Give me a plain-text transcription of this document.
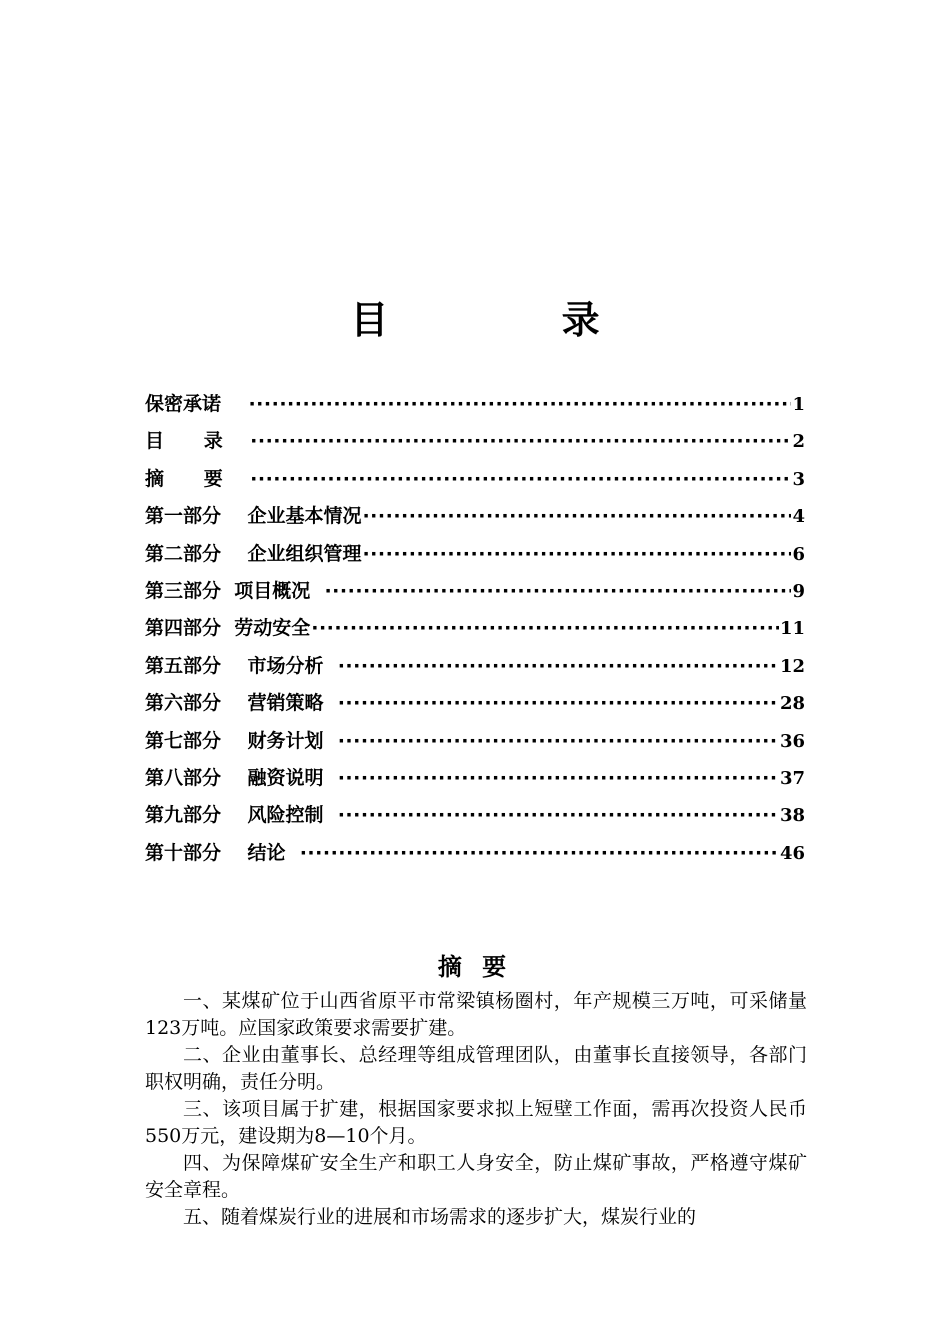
目 录
保密承诺 ·····	1
目      录 ·····	2
摘      要 ·····	3
第一部分    企业基本情况 ·····	4
第二部分    企业组织管理 ·····	6
第三部分  项目概况 ·····	9
第四部分  劳动安全 ·····	11
第五部分    市场分析 ·····	12
第六部分    营销策略 ·····	28
第七部分    财务计划 ·····	36
第八部分    融资说明 ·····	37
第九部分    风险控制 ·····	38
第十部分    结论 ·····	46
摘 要

一、某煤矿位于山西省原平市常梁镇杨圈村，年产规模三万吨，可采储量123万吨。应国家政策要求需要扩建。

二、企业由董事长、总经理等组成管理团队，由董事长直接领导，各部门职权明确，责任分明。

三、该项目属于扩建，根据国家要求拟上短壁工作面，需再次投资人民币550万元，建设期为8—10个月。

四、为保障煤矿安全生产和职工人身安全，防止煤矿事故，严格遵守煤矿安全章程。

五、随着煤炭行业的进展和市场需求的逐步扩大，煤炭行业的
